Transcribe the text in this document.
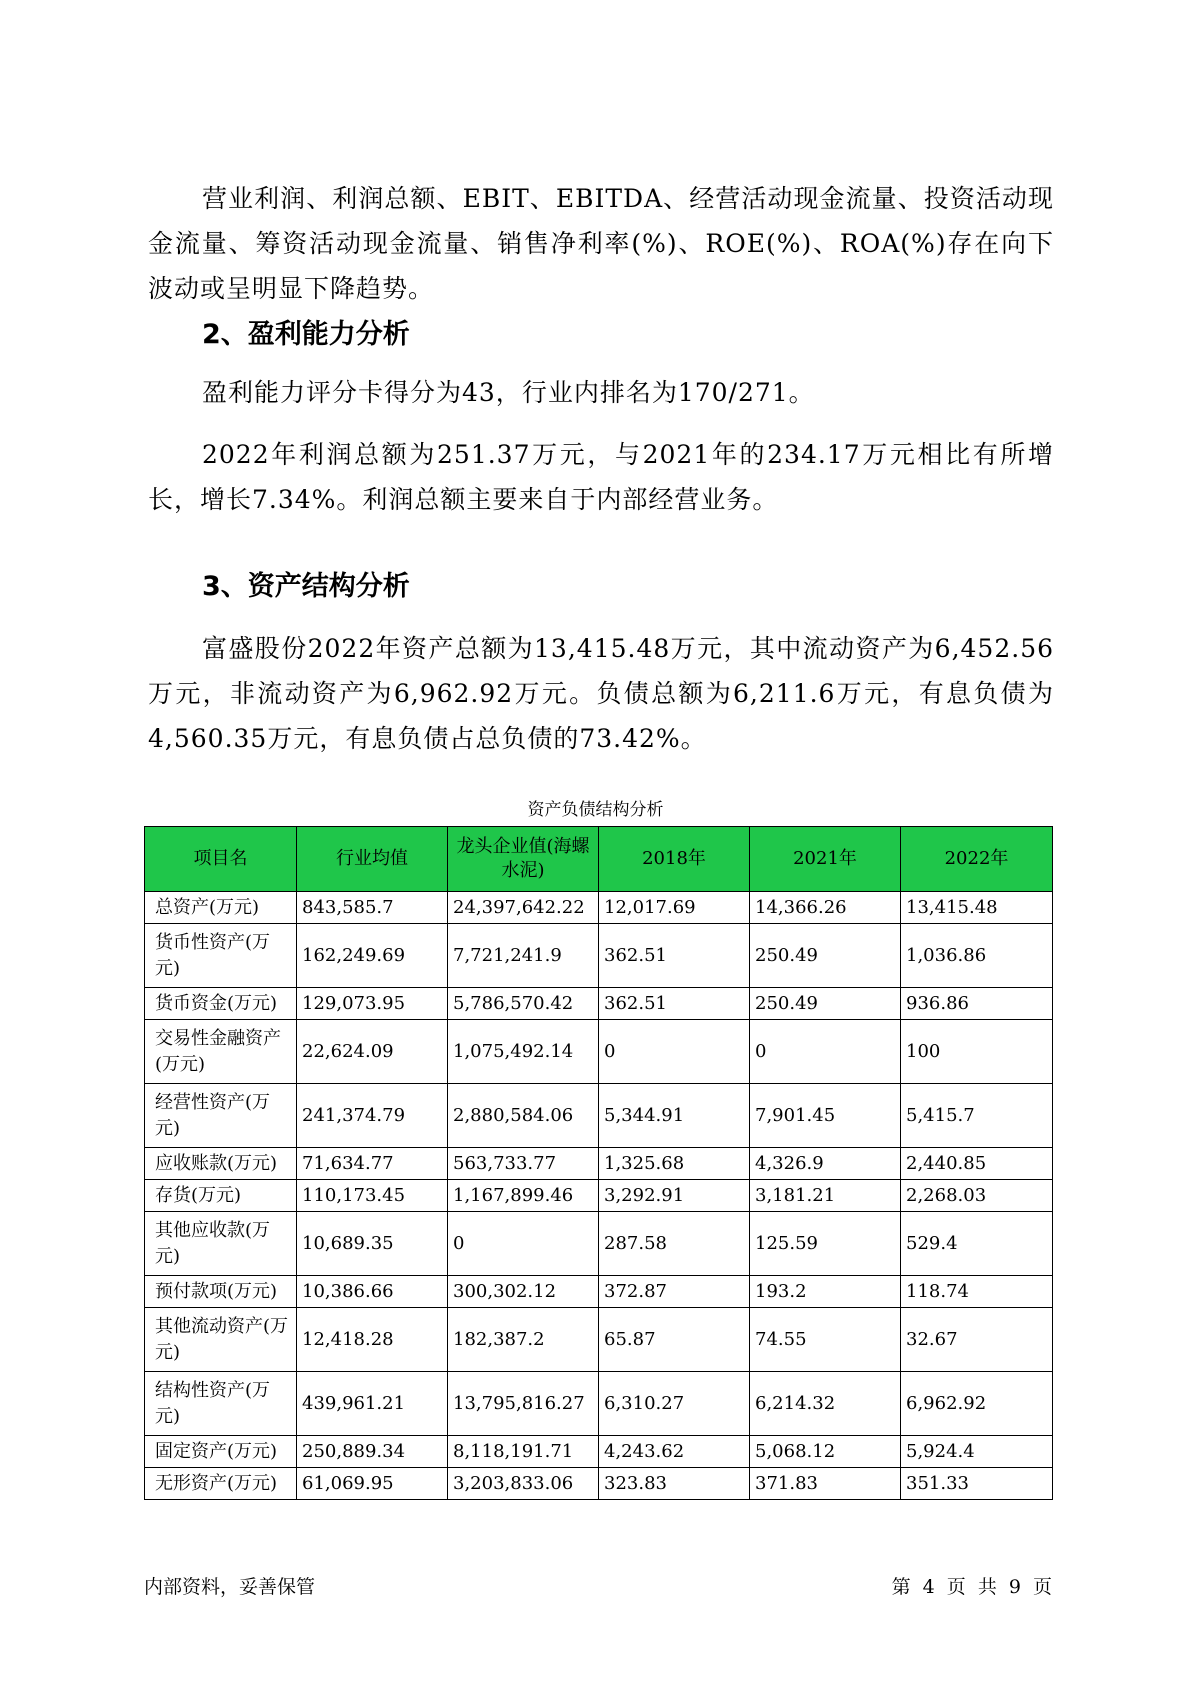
营业利润、利润总额、EBIT、EBITDA、经营活动现金流量、投资活动现金流量、筹资活动现金流量、销售净利率(%)、ROE(%)、ROA(%)存在向下波动或呈明显下降趋势。

2、盈利能力分析

盈利能力评分卡得分为43，行业内排名为170/271。

2022年利润总额为251.37万元，与2021年的234.17万元相比有所增长，增长7.34%。利润总额主要来自于内部经营业务。

3、资产结构分析

富盛股份2022年资产总额为13,415.48万元，其中流动资产为6,452.56万元，非流动资产为6,962.92万元。负债总额为6,211.6万元，有息负债为4,560.35万元，有息负债占总负债的73.42%。

资产负债结构分析

项目名	行业均值	龙头企业值(海螺水泥)	2018年	2021年	2022年
总资产(万元)	843,585.7	24,397,642.22	12,017.69	14,366.26	13,415.48
货币性资产(万元)	162,249.69	7,721,241.9	362.51	250.49	1,036.86
货币资金(万元)	129,073.95	5,786,570.42	362.51	250.49	936.86
交易性金融资产(万元)	22,624.09	1,075,492.14	0	0	100
经营性资产(万元)	241,374.79	2,880,584.06	5,344.91	7,901.45	5,415.7
应收账款(万元)	71,634.77	563,733.77	1,325.68	4,326.9	2,440.85
存货(万元)	110,173.45	1,167,899.46	3,292.91	3,181.21	2,268.03
其他应收款(万元)	10,689.35	0	287.58	125.59	529.4
预付款项(万元)	10,386.66	300,302.12	372.87	193.2	118.74
其他流动资产(万元)	12,418.28	182,387.2	65.87	74.55	32.67
结构性资产(万元)	439,961.21	13,795,816.27	6,310.27	6,214.32	6,962.92
固定资产(万元)	250,889.34	8,118,191.71	4,243.62	5,068.12	5,924.4
无形资产(万元)	61,069.95	3,203,833.06	323.83	371.83	351.33
内部资料，妥善保管	第 4 页 共 9 页
